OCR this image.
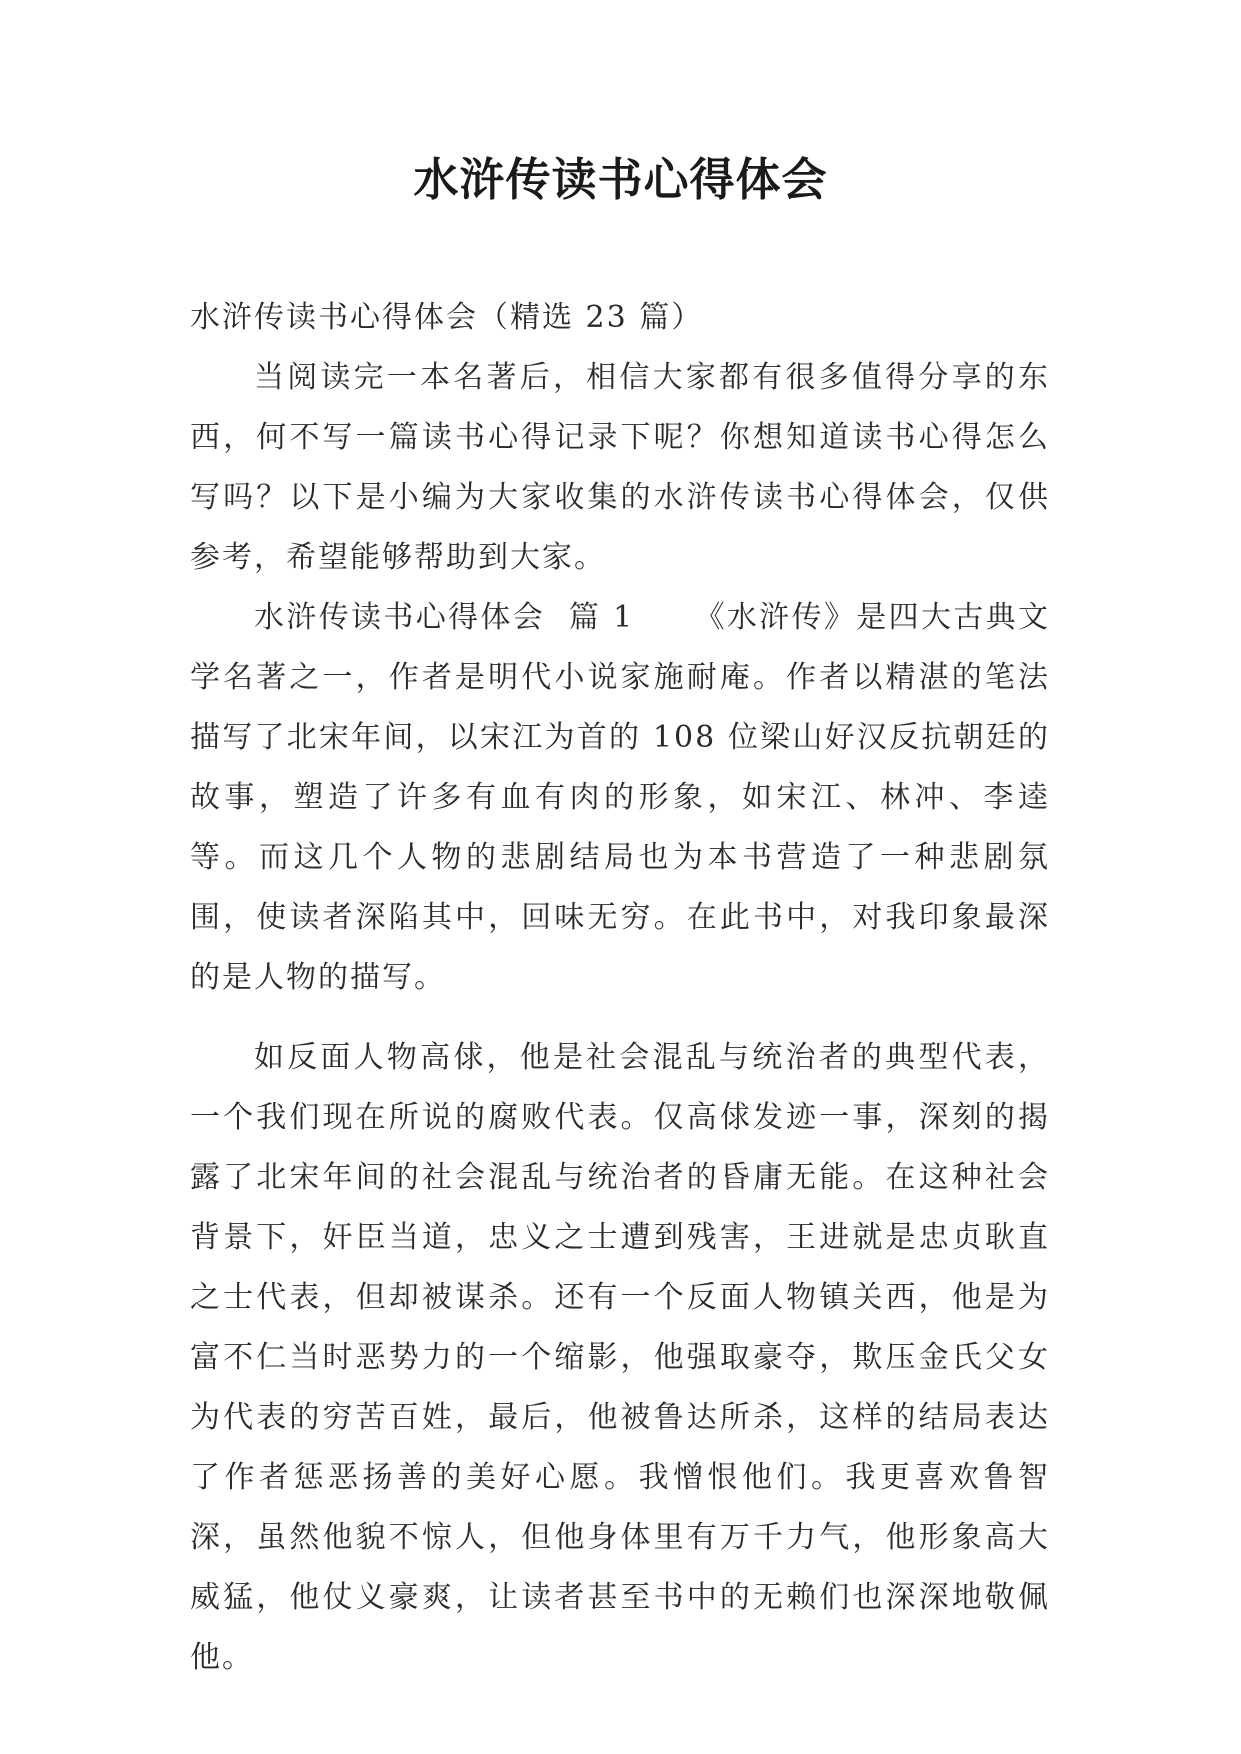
水浒传读书心得体会

水浒传读书心得体会（精选 23 篇）

当阅读完一本名著后，相信大家都有很多值得分享的东西，何不写一篇读书心得记录下呢？你想知道读书心得怎么写吗？以下是小编为大家收集的水浒传读书心得体会，仅供参考，希望能够帮助到大家。

水浒传读书心得体会 篇 1 《水浒传》是四大古典文学名著之一，作者是明代小说家施耐庵。作者以精湛的笔法描写了北宋年间，以宋江为首的 108 位梁山好汉反抗朝廷的故事，塑造了许多有血有肉的形象，如宋江、林冲、李逵等。而这几个人物的悲剧结局也为本书营造了一种悲剧氛围，使读者深陷其中，回味无穷。在此书中，对我印象最深的是人物的描写。

如反面人物高俅，他是社会混乱与统治者的典型代表，一个我们现在所说的腐败代表。仅高俅发迹一事，深刻的揭露了北宋年间的社会混乱与统治者的昏庸无能。在这种社会背景下，奸臣当道，忠义之士遭到残害，王进就是忠贞耿直之士代表，但却被谋杀。还有一个反面人物镇关西，他是为富不仁当时恶势力的一个缩影，他强取豪夺，欺压金氏父女为代表的穷苦百姓，最后，他被鲁达所杀，这样的结局表达了作者惩恶扬善的美好心愿。我憎恨他们。我更喜欢鲁智深，虽然他貌不惊人，但他身体里有万千力气，他形象高大威猛，他仗义豪爽，让读者甚至书中的无赖们也深深地敬佩他。
